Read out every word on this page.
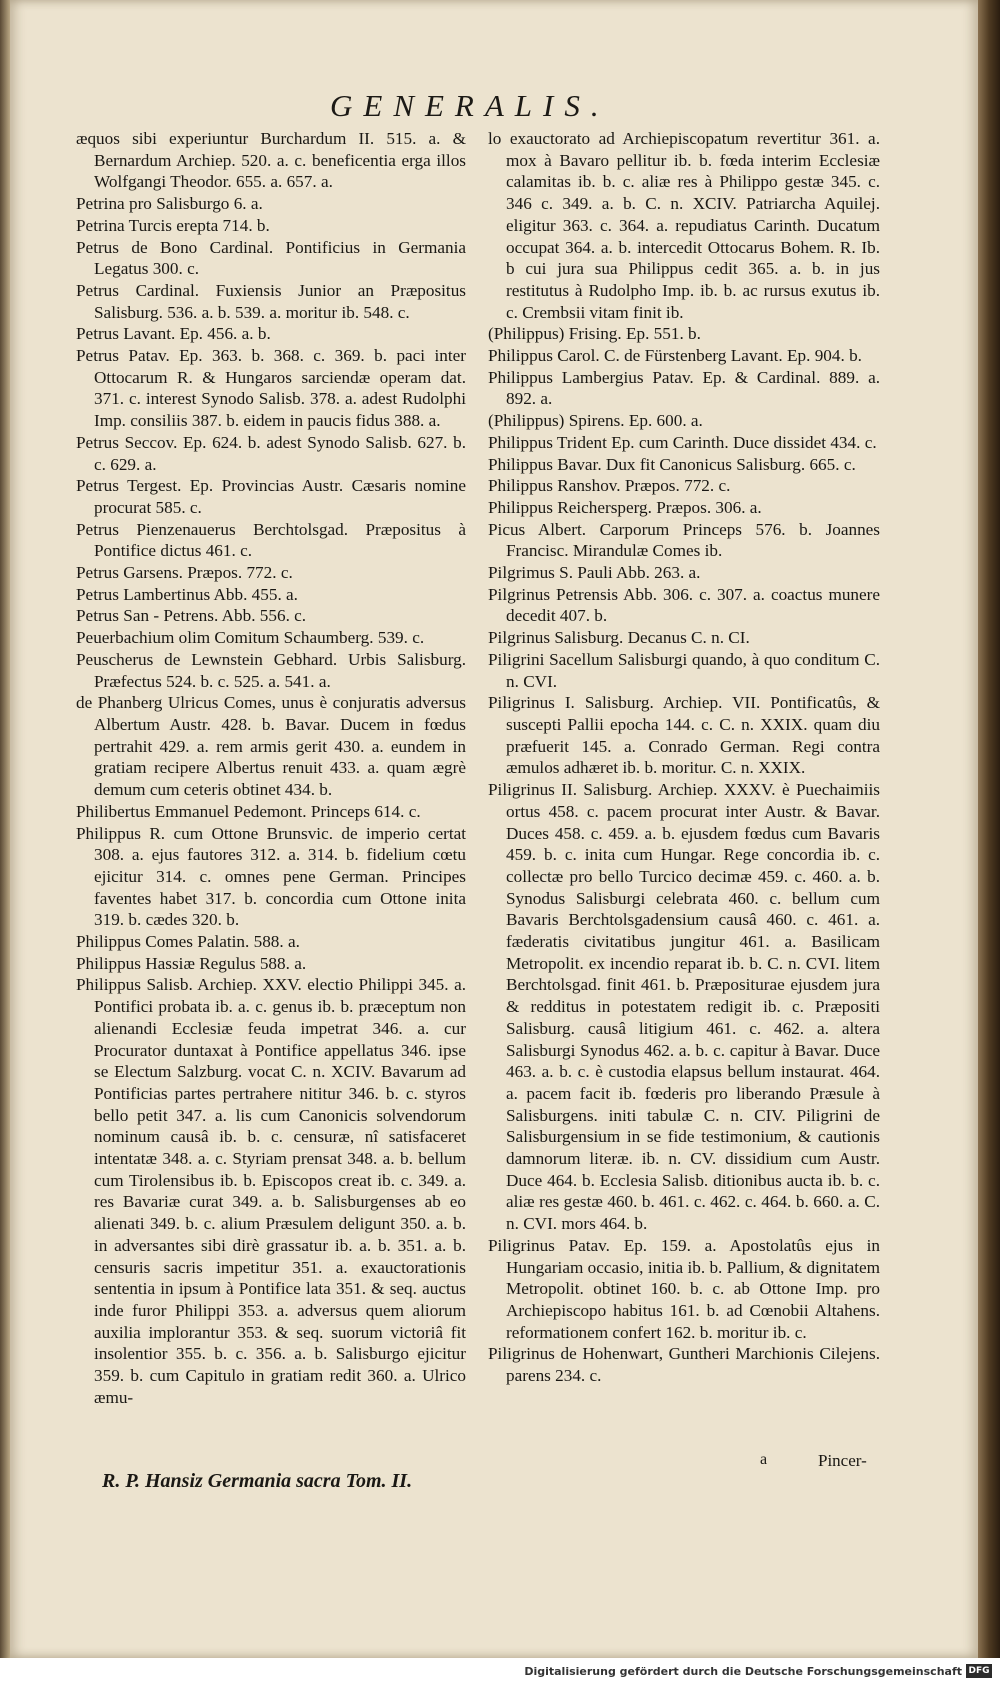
GENERALIS.

æquos sibi experiuntur Burchardum II. 515. a. & Bernardum Archiep. 520. a. c. beneficentia erga illos Wolfgangi Theodor. 655. a. 657. a.

Petrina pro Salisburgo 6. a.

Petrina Turcis erepta 714. b.

Petrus de Bono Cardinal. Pontificius in Germania Legatus 300. c.

Petrus Cardinal. Fuxiensis Junior an Præpositus Salisburg. 536. a. b. 539. a. moritur ib. 548. c.

Petrus Lavant. Ep. 456. a. b.

Petrus Patav. Ep. 363. b. 368. c. 369. b. paci inter Ottocarum R. & Hungaros sarciendæ operam dat. 371. c. interest Synodo Salisb. 378. a. adest Rudolphi Imp. consiliis 387. b. eidem in paucis fidus 388. a.

Petrus Seccov. Ep. 624. b. adest Synodo Salisb. 627. b. c. 629. a.

Petrus Tergest. Ep. Provincias Austr. Cæsaris nomine procurat 585. c.

Petrus Pienzenauerus Berchtolsgad. Præpositus à Pontifice dictus 461. c.

Petrus Garsens. Præpos. 772. c.

Petrus Lambertinus Abb. 455. a.

Petrus San - Petrens. Abb. 556. c.

Peuerbachium olim Comitum Schaumberg. 539. c.

Peuscherus de Lewnstein Gebhard. Urbis Salisburg. Præfectus 524. b. c. 525. a. 541. a.

de Phanberg Ulricus Comes, unus è conjuratis adversus Albertum Austr. 428. b. Bavar. Ducem in fœdus pertrahit 429. a. rem armis gerit 430. a. eundem in gratiam recipere Albertus renuit 433. a. quam ægrè demum cum ceteris obtinet 434. b.

Philibertus Emmanuel Pedemont. Princeps 614. c.

Philippus R. cum Ottone Brunsvic. de imperio certat 308. a. ejus fautores 312. a. 314. b. fidelium cœtu ejicitur 314. c. omnes pene German. Principes faventes habet 317. b. concordia cum Ottone inita 319. b. cædes 320. b.

Philippus Comes Palatin. 588. a.

Philippus Hassiæ Regulus 588. a.

Philippus Salisb. Archiep. XXV. electio Philippi 345. a. Pontifici probata ib. a. c. genus ib. b. præceptum non alienandi Ecclesiæ feuda impetrat 346. a. cur Procurator duntaxat à Pontifice appellatus 346. ipse se Electum Salzburg. vocat C. n. XCIV. Bavarum ad Pontificias partes pertrahere nititur 346. b. c. styros bello petit 347. a. lis cum Canonicis solvendorum nominum causâ ib. b. c. censuræ, nî satisfaceret intentatæ 348. a. c. Styriam prensat 348. a. b. bellum cum Tirolensibus ib. b. Episcopos creat ib. c. 349. a. res Bavariæ curat 349. a. b. Salisburgenses ab eo alienati 349. b. c. alium Præsulem deligunt 350. a. b. in adversantes sibi dirè grassatur ib. a. b. 351. a. b. censuris sacris impetitur 351. a. exauctorationis sententia in ipsum à Pontifice lata 351. & seq. auctus inde furor Philippi 353. a. adversus quem aliorum auxilia implorantur 353. & seq. suorum victoriâ fit insolentior 355. b. c. 356. a. b. Salisburgo ejicitur 359. b. cum Capitulo in gratiam redit 360. a. Ulrico æmu-

lo exauctorato ad Archiepiscopatum revertitur 361. a. mox à Bavaro pellitur ib. b. fœda interim Ecclesiæ calamitas ib. b. c. aliæ res à Philippo gestæ 345. c. 346 c. 349. a. b. C. n. XCIV. Patriarcha Aquilej. eligitur 363. c. 364. a. repudiatus Carinth. Ducatum occupat 364. a. b. intercedit Ottocarus Bohem. R. Ib. b cui jura sua Philippus cedit 365. a. b. in jus restitutus à Rudolpho Imp. ib. b. ac rursus exutus ib. c. Crembsii vitam finit ib.

(Philippus) Frising. Ep. 551. b.

Philippus Carol. C. de Fürstenberg Lavant. Ep. 904. b.

Philippus Lambergius Patav. Ep. & Cardinal. 889. a. 892. a.

(Philippus) Spirens. Ep. 600. a.

Philippus Trident Ep. cum Carinth. Duce dissidet 434. c.

Philippus Bavar. Dux fit Canonicus Salisburg. 665. c.

Philippus Ranshov. Præpos. 772. c.

Philippus Reichersperg. Præpos. 306. a.

Picus Albert. Carporum Princeps 576. b. Joannes Francisc. Mirandulæ Comes ib.

Pilgrimus S. Pauli Abb. 263. a.

Pilgrinus Petrensis Abb. 306. c. 307. a. coactus munere decedit 407. b.

Pilgrinus Salisburg. Decanus C. n. CI.

Piligrini Sacellum Salisburgi quando, à quo conditum C. n. CVI.

Piligrinus I. Salisburg. Archiep. VII. Pontificatûs, & suscepti Pallii epocha 144. c. C. n. XXIX. quam diu præfuerit 145. a. Conrado German. Regi contra æmulos adhæret ib. b. moritur. C. n. XXIX.

Piligrinus II. Salisburg. Archiep. XXXV. è Puechaimiis ortus 458. c. pacem procurat inter Austr. & Bavar. Duces 458. c. 459. a. b. ejusdem fœdus cum Bavaris 459. b. c. inita cum Hungar. Rege concordia ib. c. collectæ pro bello Turcico decimæ 459. c. 460. a. b. Synodus Salisburgi celebrata 460. c. bellum cum Bavaris Berchtolsgadensium causâ 460. c. 461. a. fæderatis civitatibus jungitur 461. a. Basilicam Metropolit. ex incendio reparat ib. b. C. n. CVI. litem Berchtolsgad. finit 461. b. Præpositurae ejusdem jura & redditus in potestatem redigit ib. c. Præpositi Salisburg. causâ litigium 461. c. 462. a. altera Salisburgi Synodus 462. a. b. c. capitur à Bavar. Duce 463. a. b. c. è custodia elapsus bellum instaurat. 464. a. pacem facit ib. fœderis pro liberando Præsule à Salisburgens. initi tabulæ C. n. CIV. Piligrini de Salisburgensium in se fide testimonium, & cautionis damnorum literæ. ib. n. CV. dissidium cum Austr. Duce 464. b. Ecclesia Salisb. ditionibus aucta ib. b. c. aliæ res gestæ 460. b. 461. c. 462. c. 464. b. 660. a. C. n. CVI. mors 464. b.

Piligrinus Patav. Ep. 159. a. Apostolatûs ejus in Hungariam occasio, initia ib. b. Pallium, & dignitatem Metropolit. obtinet 160. b. c. ab Ottone Imp. pro Archiepiscopo habitus 161. b. ad Cœnobii Altahens. reformationem confert 162. b. moritur ib. c.

Piligrinus de Hohenwart, Guntheri Marchionis Cilejens. parens 234. c.

R. P. Hansiz Germania sacra Tom. II.
a	Pincer-
Digitalisierung gefördert durch die Deutsche Forschungsgemeinschaft DFG
